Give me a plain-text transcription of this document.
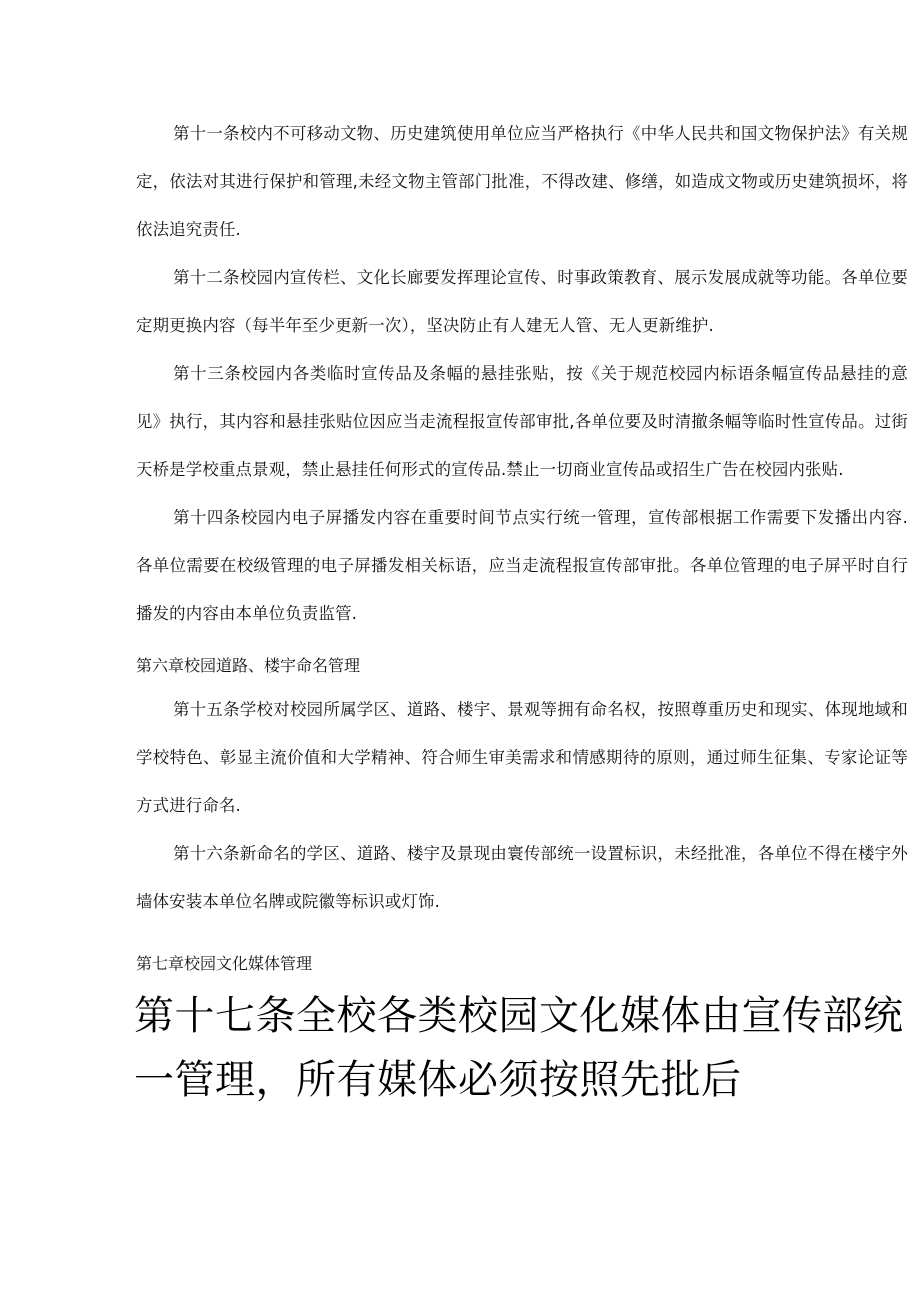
第十一条校内不可移动文物、历史建筑使用单位应当严格执行《中华人民共和国文物保护法》有关规定，依法对其进行保护和管理,未经文物主管部门批准，不得改建、修缮，如造成文物或历史建筑损坏，将依法追究责任.

第十二条校园内宣传栏、文化长廊要发挥理论宣传、时事政策教育、展示发展成就等功能。各单位要定期更换内容（每半年至少更新一次），坚决防止有人建无人管、无人更新维护.

第十三条校园内各类临时宣传品及条幅的悬挂张贴，按《关于规范校园内标语条幅宣传品悬挂的意见》执行，其内容和悬挂张贴位因应当走流程报宣传部审批,各单位要及时清撤条幅等临时性宣传品。过街天桥是学校重点景观，禁止悬挂任何形式的宣传品.禁止一切商业宣传品或招生广告在校园内张贴.

第十四条校园内电子屏播发内容在重要时间节点实行统一管理，宣传部根据工作需要下发播出内容.各单位需要在校级管理的电子屏播发相关标语，应当走流程报宣传部审批。各单位管理的电子屏平时自行播发的内容由本单位负责监管.

第六章校园道路、楼宇命名管理

第十五条学校对校园所属学区、道路、楼宇、景观等拥有命名权，按照尊重历史和现实、体现地域和学校特色、彰显主流价值和大学精神、符合师生审美需求和情感期待的原则，通过师生征集、专家论证等方式进行命名.

第十六条新命名的学区、道路、楼宇及景现由寰传部统一设置标识，未经批准，各单位不得在楼宇外墙体安装本单位名牌或院徽等标识或灯饰.

第七章校园文化媒体管理

第十七条全校各类校园文化媒体由宣传部统一管理，所有媒体必须按照先批后
